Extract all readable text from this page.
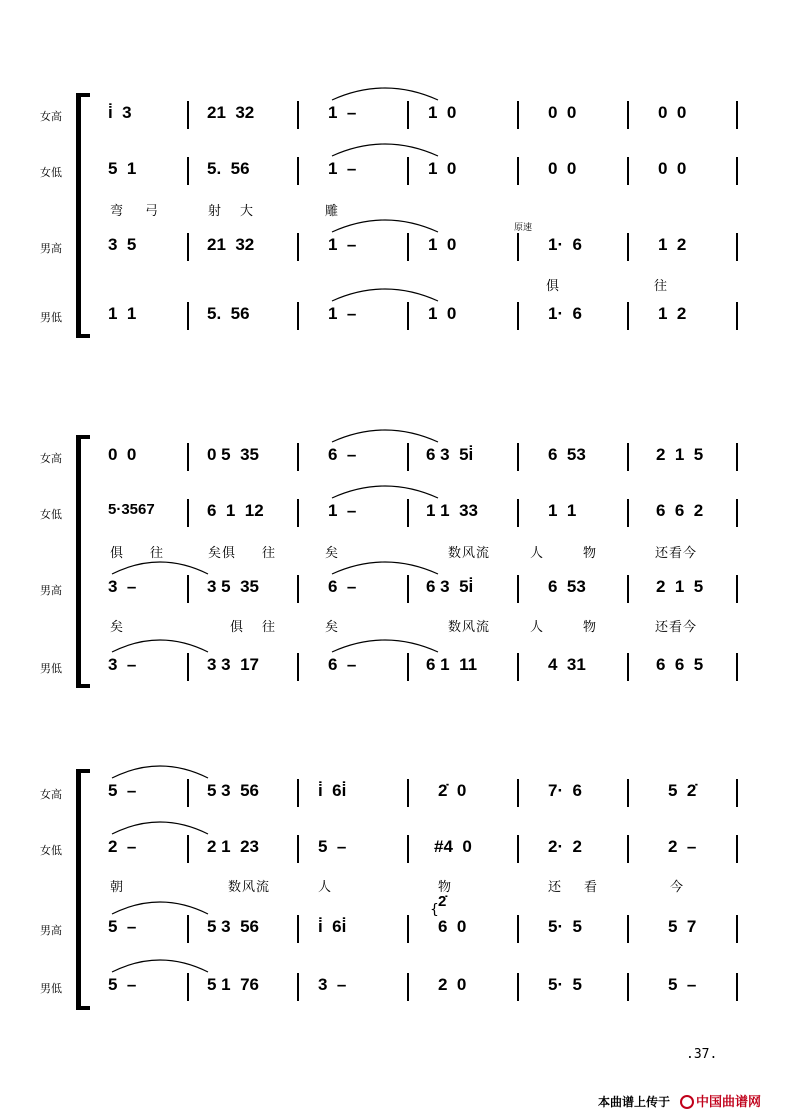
女高	i̇  3	21  32	1  –	1  0	0  0	0  0
女低	5  1	5.  56	1  –	1  0	0  0	0  0
弯 弓	射 大	雕
原速
男高	3  5	21  32	1  –	1  0	1·  6	1  2
俱	往
男低	1  1	5.  56	1  –	1  0	1·  6	1  2
女高	0  0	0 5  35	6  –	6 3  5i̇	6  53	2  1  5
女低	5·3567	6  1  12	1  –	1 1  33	1  1	6  6  2
俱 往	矣俱 往	矣	数风流	人	物	还看今
男高	3  –	3 5  35	6  –	6 3  5i̇	6  53	2  1  5
矣	俱 往	矣	数风流	人	物	还看今
男低	3  –	3 3  17	6  –	6 1  11	4  31	6  6  5
女高	5  –	5 3  56	i̇  6i̇	2̇  0	7·  6	5  2̇
女低	2  –	2 1  23	5  –	#4  0	2·  2	2  –
朝	数风流	人	物	还 看	今
2̇
{
男高	5  –	5 3  56	i̇  6i̇	6  0	5·  5	5  7
男低	5  –	5 1  76	3  –	2  0	5·  5	5  –
.37.
本曲谱上传于	中国曲谱网
